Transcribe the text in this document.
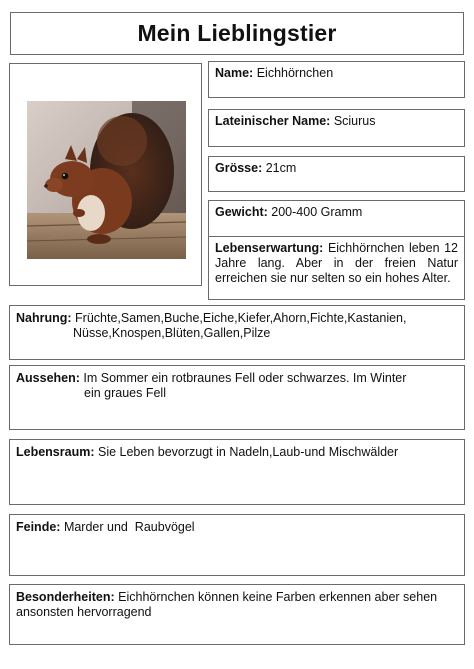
Mein Lieblingstier
Name: Eichhörnchen
Lateinischer Name: Sciurus
Grösse: 21cm
Gewicht: 200-400 Gramm
Lebenserwartung: Eichhörnchen leben 12 Jahre lang. Aber in der freien Natur erreichen sie nur selten so ein hohes Alter.
Nahrung: Früchte,Samen,Buche,Eiche,Kiefer,Ahorn,Fichte,Kastanien,
Nüsse,Knospen,Blüten,Gallen,Pilze
Aussehen: Im Sommer ein rotbraunes Fell oder schwarzes. Im Winter
ein graues Fell
Lebensraum: Sie Leben bevorzugt in Nadeln,Laub-und Mischwälder
Feinde: Marder und  Raubvögel
Besonderheiten: Eichhörnchen können keine Farben erkennen aber sehen ansonsten hervorragend
